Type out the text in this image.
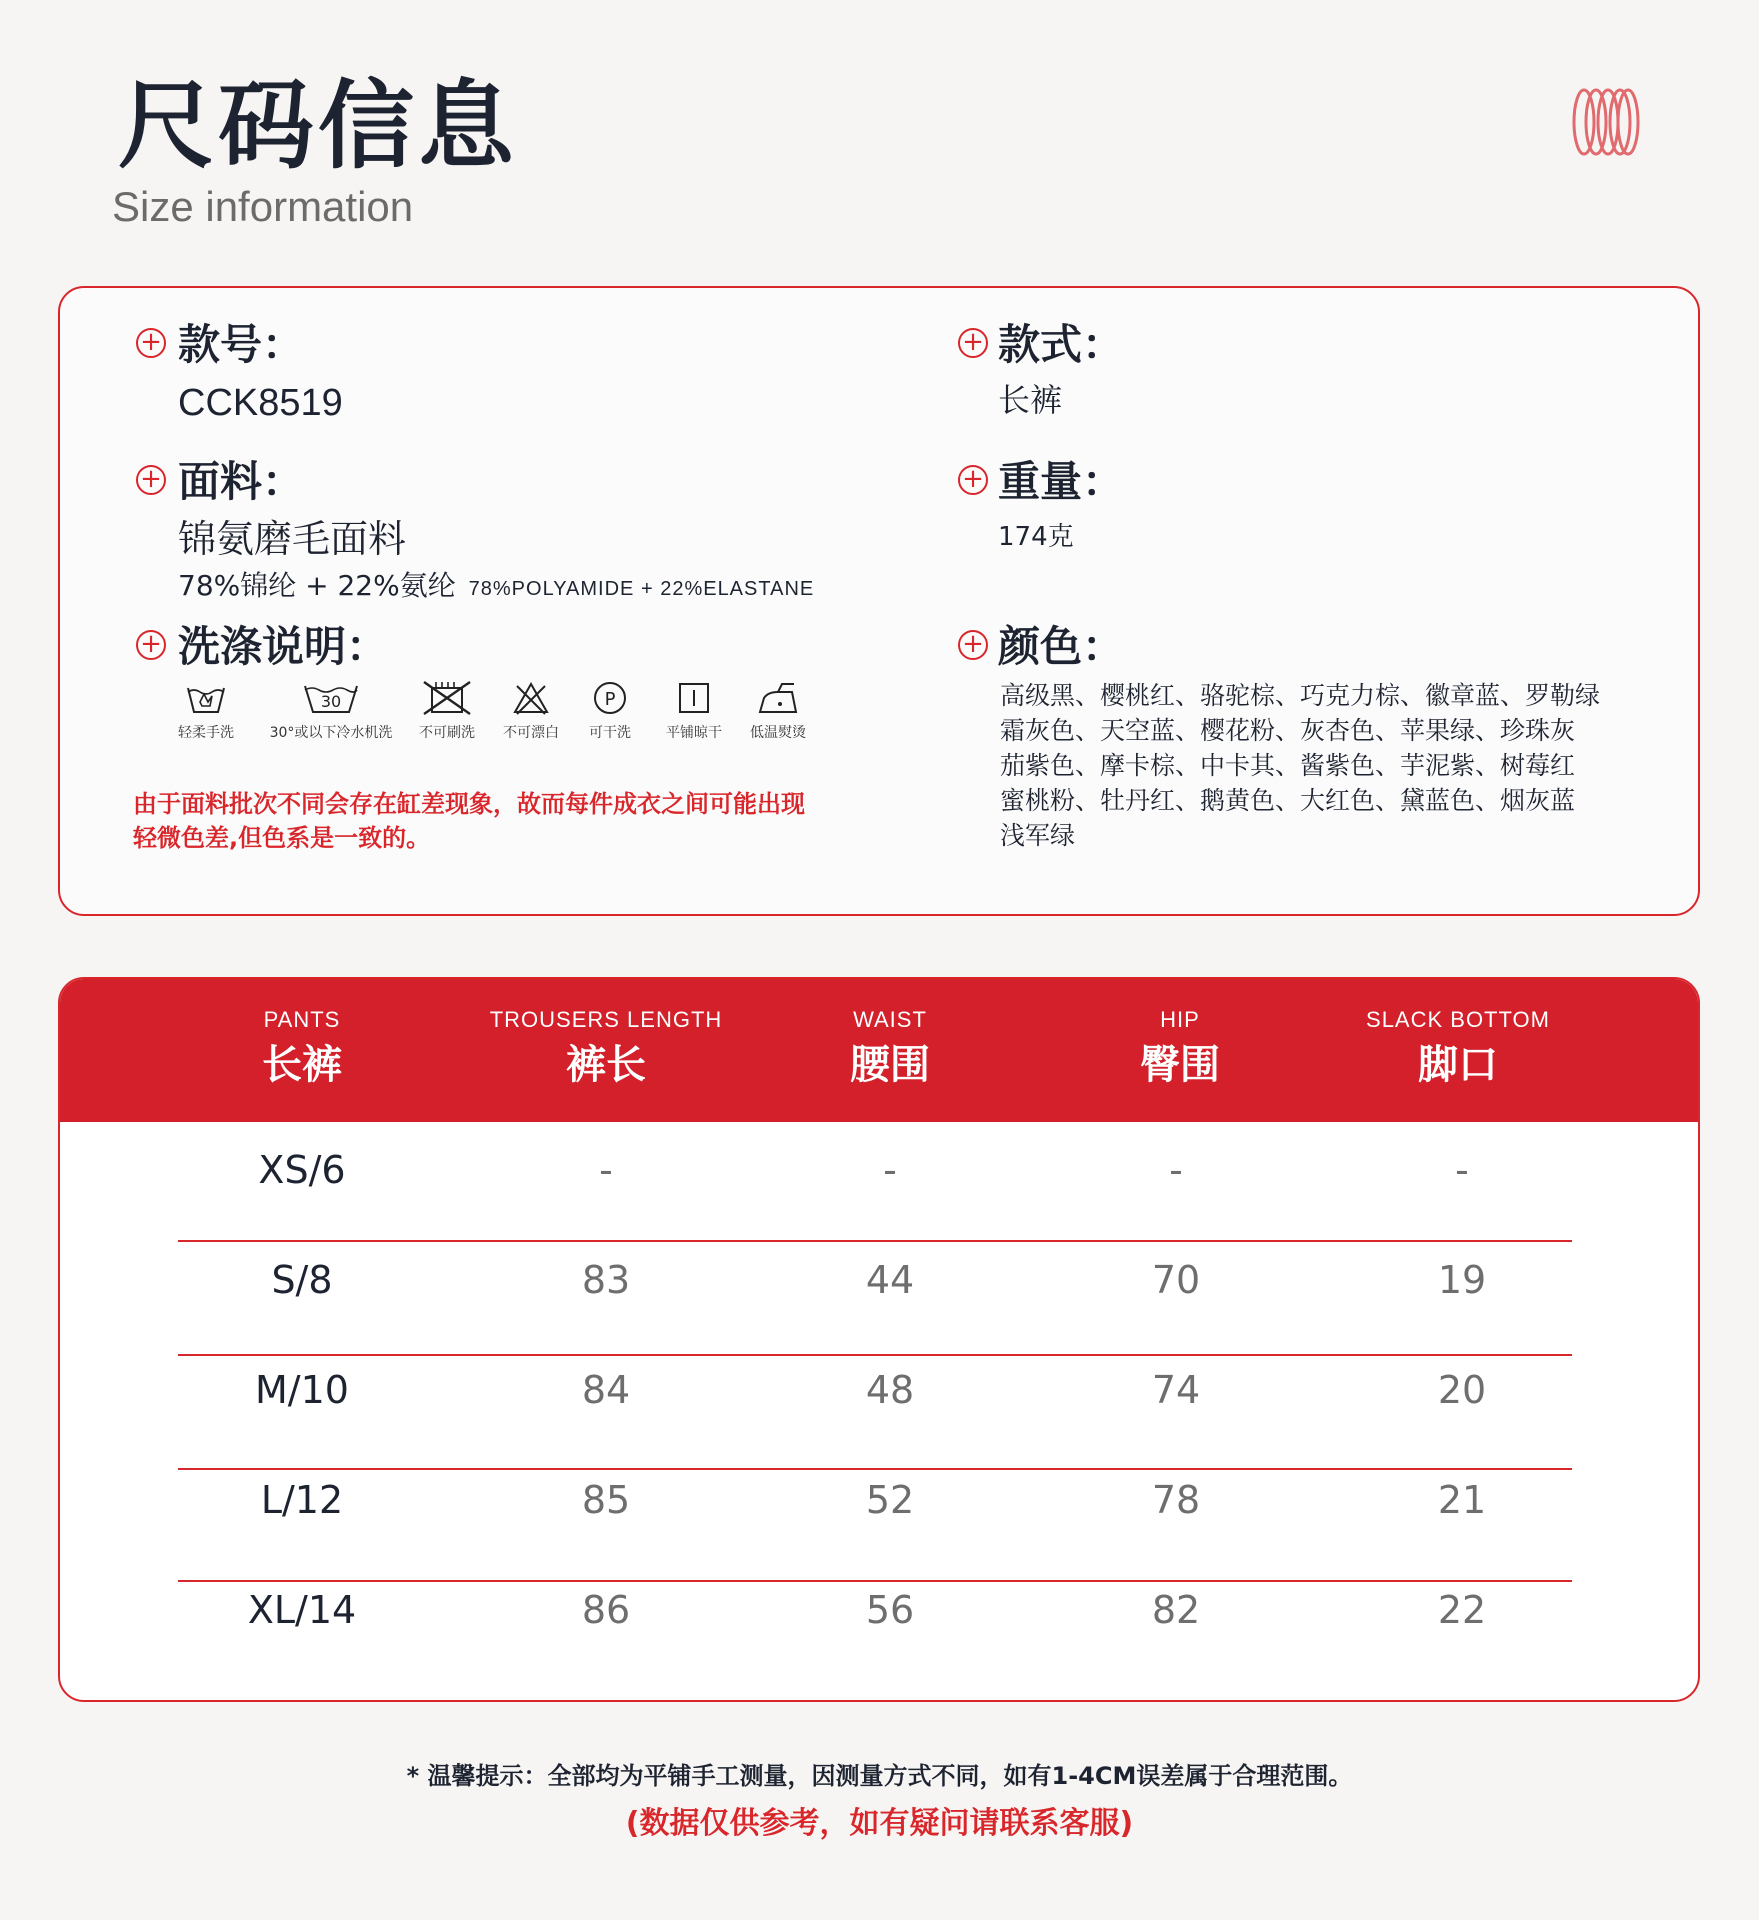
尺码信息
Size information
+ 款号：
CCK8519
+ 款式：
长裤
+ 面料：
锦氨磨毛面料
78%锦纶 + 22%氨纶 78%POLYAMIDE + 22%ELASTANE
+ 重量：
174克
+ 洗涤说明：
轻柔手洗
30
30°或以下冷水机洗	不可刷洗	不可漂白
P
可干洗	平铺晾干	低温熨烫
+ 颜色：
高级黑、樱桃红、骆驼棕、巧克力棕、徽章蓝、罗勒绿
霜灰色、天空蓝、樱花粉、灰杏色、苹果绿、珍珠灰
茄紫色、摩卡棕、中卡其、酱紫色、芋泥紫、树莓红
蜜桃粉、牡丹红、鹅黄色、大红色、黛蓝色、烟灰蓝
浅军绿
由于面料批次不同会存在缸差现象，故而每件成衣之间可能出现
轻微色差,但色系是一致的。
PANTS
长裤
TROUSERS LENGTH
裤长
WAIST
腰围
HIP
臀围
SLACK BOTTOM
脚口
XS/6	-	-	-	-
S/8	83	44	70	19
M/10	84	48	74	20
L/12	85	52	78	21
XL/14	86	56	82	22
* 温馨提示：全部均为平铺手工测量，因测量方式不同，如有1-4CM误差属于合理范围。
(数据仅供参考，如有疑问请联系客服)
